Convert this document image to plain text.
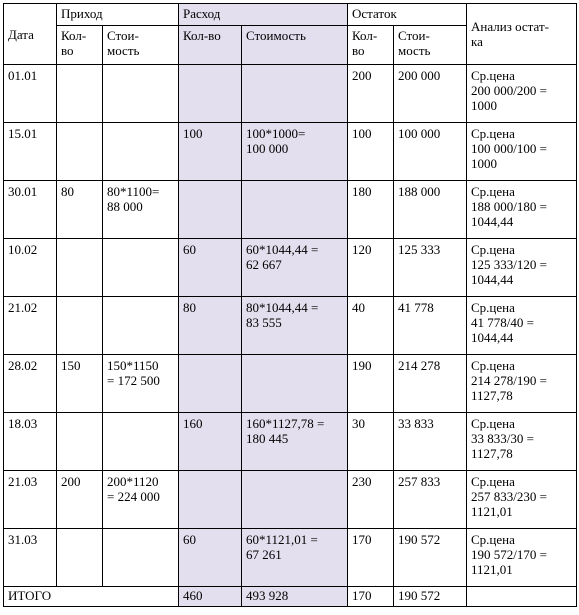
Дата	Приход		Расход		Остаток		Анализ остат-
ка
	Кол-
во	Стои-
мость	Кол-во	Стоимость	Кол-
во	Стои-
мость	
01.01					200	200 000	Ср.цена
200 000/200 =
1000
15.01			100	100*1000=
100 000	100	100 000	Ср.цена
100 000/100 =
1000
30.01	80	80*1100=
88 000			180	188 000	Ср.цена
188 000/180 =
1044,44
10.02			60	60*1044,44 =
62 667	120	125 333	Ср.цена
125 333/120 =
1044,44
21.02			80	80*1044,44 =
83 555	40	41 778	Ср.цена
41 778/40 =
1044,44
28.02	150	150*1150
= 172 500			190	214 278	Ср.цена
214 278/190 =
1127,78
18.03			160	160*1127,78 =
180 445	30	33 833	Ср.цена
33 833/30 =
1127,78
21.03	200	200*1120
= 224 000			230	257 833	Ср.цена
257 833/230 =
1121,01
31.03			60	60*1121,01 =
67 261	170	190 572	Ср.цена
190 572/170 =
1121,01
ИТОГО			460	493 928	170	190 572	
